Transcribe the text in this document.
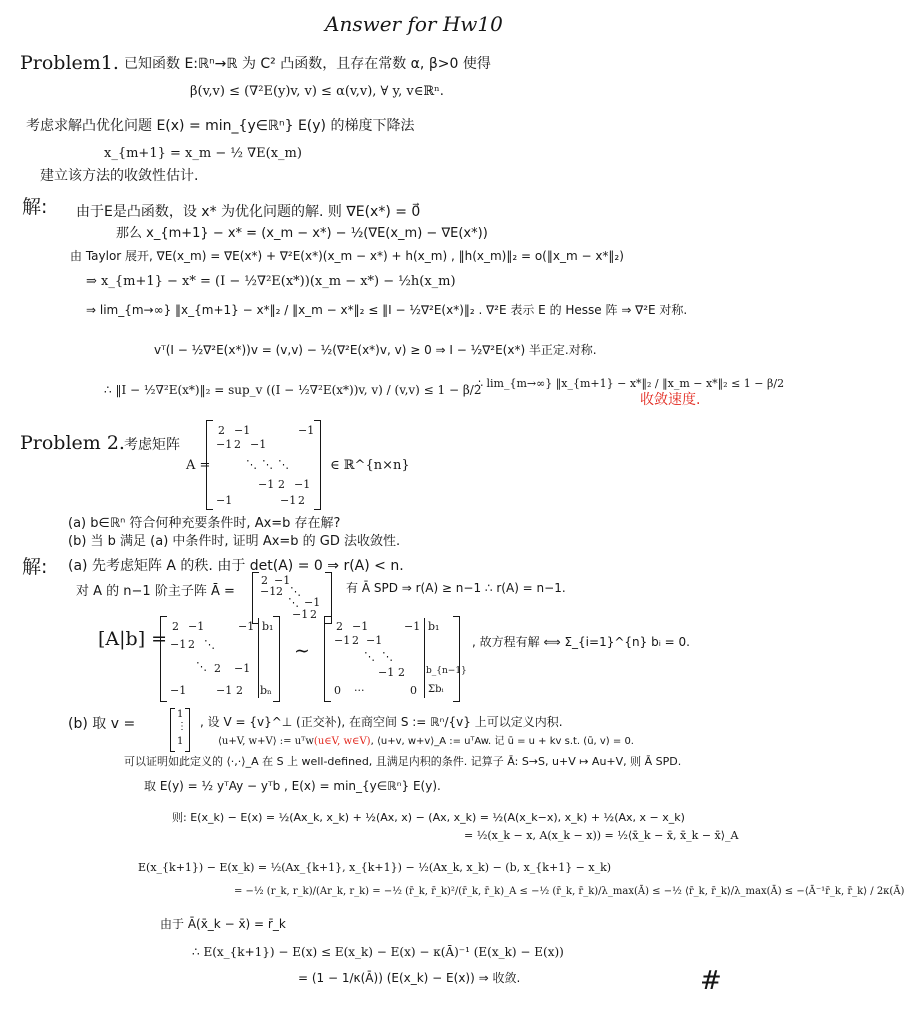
Answer for Hw10
Problem1. 已知函数 E:ℝⁿ→ℝ 为 C² 凸函数，且存在常数 α, β>0 使得
β(v,v) ≤ (∇²E(y)v, v) ≤ α(v,v), ∀ y, v∈ℝⁿ.
考虑求解凸优化问题 E(x) = min_{y∈ℝⁿ} E(y) 的梯度下降法
x_{m+1} = x_m − ½ ∇E(x_m)
建立该方法的收敛性估计.
解: 由于E是凸函数，设 x* 为优化问题的解. 则 ∇E(x*) = 0⃗
那么 x_{m+1} − x* = (x_m − x*) − ½(∇E(x_m) − ∇E(x*))
由 Taylor 展开, ∇E(x_m) = ∇E(x*) + ∇²E(x*)(x_m − x*) + h(x_m) , ‖h(x_m)‖₂ = o(‖x_m − x*‖₂)
⇒ x_{m+1} − x* = (I − ½∇²E(x*))(x_m − x*) − ½h(x_m)
⇒ lim_{m→∞} ‖x_{m+1} − x*‖₂ / ‖x_m − x*‖₂ ≤ ‖I − ½∇²E(x*)‖₂ . ∇²E 表示 E 的 Hesse 阵 ⇒ ∇²E 对称.
vᵀ(I − ½∇²E(x*))v = (v,v) − ½(∇²E(x*)v, v) ≥ 0 ⇒ I − ½∇²E(x*) 半正定.对称.
∴ ‖I − ½∇²E(x*)‖₂ = sup_v ((I − ½∇²E(x*))v, v) / (v,v) ≤ 1 − β/2
∴ lim_{m→∞} ‖x_{m+1} − x*‖₂ / ‖x_m − x*‖₂ ≤ 1 − β/2
收敛速度.
Problem 2. 考虑矩阵
A =
2 −1	−1
−1 2 −1
⋱ ⋱ ⋱
−1 2 −1
−1	−1 2
∈ ℝ^{n×n}
(a) b∈ℝⁿ 符合何种充要条件时, Ax=b 存在解?
(b) 当 b 满足 (a) 中条件时, 证明 Ax=b 的 GD 法收敛性.
解: (a) 先考虑矩阵 A 的秩. 由于 det(A) = 0 ⇒ r(A) < n.
对 A 的 n−1 阶主子阵 Ā =
2 −1
−1 2 ⋱
⋱ −1
−1 2
有 Ā SPD ⇒ r(A) ≥ n−1 ∴ r(A) = n−1.
[A|b] =
2 −1	−1 b₁
−1 2 ⋱
⋱ 2 −1
−1	−1 2 bₙ
∼
2 −1	−1 b₁
−1 2 −1
⋱ ⋱
−1 2 b_{n−1}
0 ···	0 Σbᵢ
, 故方程有解 ⟺ Σ_{i=1}^{n} bᵢ = 0.
(b) 取 v =
1
⋮
1
, 设 V = {v}^⊥ (正交补), 在商空间 S := ℝⁿ/{v} 上可以定义内积.
⟨u+V, w+V⟩ := uᵀw(u∈V, w∈V), ⟨u+v, w+v⟩_A := uᵀAw. 记 ū = u + kv s.t. (ū, v) = 0.
可以证明如此定义的 ⟨·,·⟩_A 在 S 上 well-defined, 且满足内积的条件. 记算子 Ā: S→S, u+V ↦ Au+V, 则 Ā SPD.
取 E(y) = ½ yᵀAy − yᵀb , E(x) = min_{y∈ℝⁿ} E(y).
则: E(x_k) − E(x) = ½(Ax_k, x_k) + ½(Ax, x) − (Ax, x_k) = ½(A(x_k−x), x_k) + ½(Ax, x − x_k)
= ½(x_k − x, A(x_k − x)) = ½⟨x̄_k − x̄, x̄_k − x̄⟩_A
E(x_{k+1}) − E(x_k) = ½(Ax_{k+1}, x_{k+1}) − ½(Ax_k, x_k) − (b, x_{k+1} − x_k)
= −½ (r_k, r_k)/(Ar_k, r_k) = −½ (r̄_k, r̄_k)²/(r̄_k, r̄_k)_A ≤ −½ (r̄_k, r̄_k)/λ_max(Ā) ≤ −½ ⟨r̄_k, r̄_k⟩/λ_max(Ā) ≤ −⟨Ā⁻¹r̄_k, r̄_k⟩ / 2κ(Ā)
由于 Ā(x̄_k − x̄) = r̄_k
∴ E(x_{k+1}) − E(x) ≤ E(x_k) − E(x) − κ(Ā)⁻¹ (E(x_k) − E(x))
= (1 − 1/κ(Ā)) (E(x_k) − E(x)) ⇒ 收敛.	#
